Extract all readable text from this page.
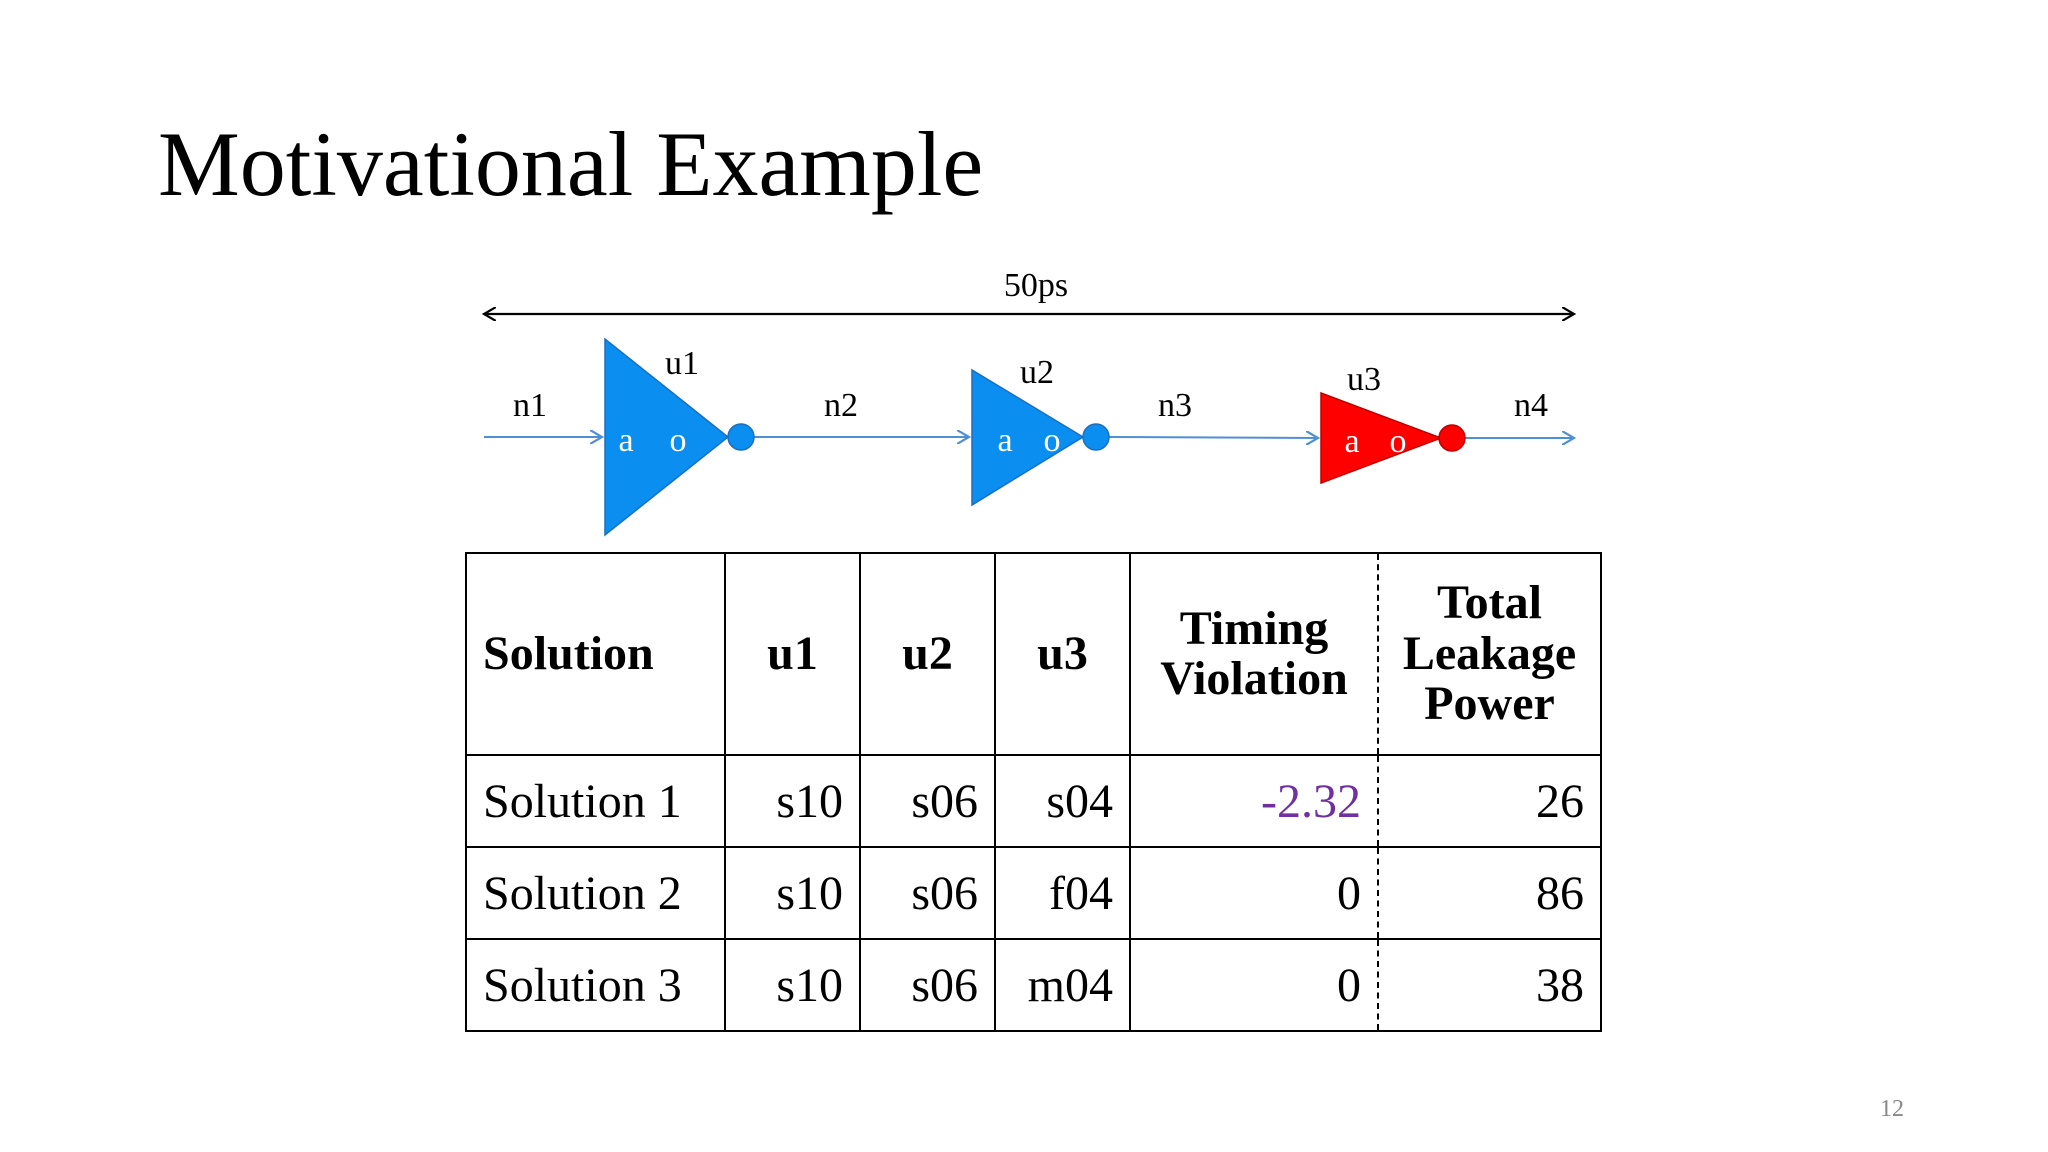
Motivational Example
50ps
n1	n2	n3	n4
u1
a o
u2
a o
u3
a o
Solution	u1	u2	u3	Timing Violation	Total Leakage Power
Solution 1	s10	s06	s04	-2.32	26
Solution 2	s10	s06	f04	0	86
Solution 3	s10	s06	m04	0	38
12
